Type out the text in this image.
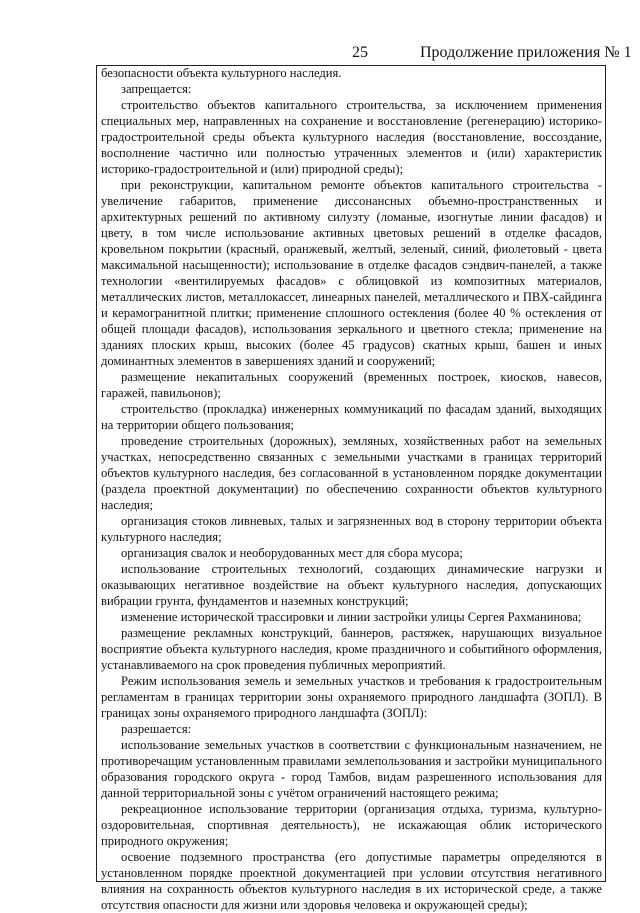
25	Продолжение приложения № 1

безопасности объекта культурного наследия.

запрещается:

строительство объектов капитального строительства, за исключением применения специальных мер, направленных на сохранение и восстановление (регенерацию) историко-градостроительной среды объекта культурного наследия (восстановление, воссоздание, восполнение частично или полностью утраченных элементов и (или) характеристик историко-градостроительной и (или) природной среды);

при реконструкции, капитальном ремонте объектов капитального строительства - увеличение габаритов, применение диссонансных объемно-пространственных и архитектурных решений по активному силуэту (ломаные, изогнутые линии фасадов) и цвету, в том числе использование активных цветовых решений в отделке фасадов, кровельном покрытии (красный, оранжевый, желтый, зеленый, синий, фиолетовый - цвета максимальной насыщенности); использование в отделке фасадов сэндвич-панелей, а также технологии «вентилируемых фасадов» с облицовкой из композитных материалов, металлических листов, металлокассет, линеарных панелей, металлического и ПВХ-сайдинга и керамогранитной плитки; применение сплошного остекления (более 40 % остекления от общей площади фасадов), использования зеркального и цветного стекла; применение на зданиях плоских крыш, высоких (более 45 градусов) скатных крыш, башен и иных доминантных элементов в завершениях зданий и сооружений;

размещение некапитальных сооружений (временных построек, киосков, навесов, гаражей, павильонов);

строительство (прокладка) инженерных коммуникаций по фасадам зданий, выходящих на территории общего пользования;

проведение строительных (дорожных), земляных, хозяйственных работ на земельных участках, непосредственно связанных с земельными участками в границах территорий объектов культурного наследия, без согласованной в установленном порядке документации (раздела проектной документации) по обеспечению сохранности объектов культурного наследия;

организация стоков ливневых, талых и загрязненных вод в сторону территории объекта культурного наследия;

организация свалок и необорудованных мест для сбора мусора;

использование строительных технологий, создающих динамические нагрузки и оказывающих негативное воздействие на объект культурного наследия, допускающих вибрации грунта, фундаментов и наземных конструкций;

изменение исторической трассировки и линии застройки улицы Сергея Рахманинова;

размещение рекламных конструкций, баннеров, растяжек, нарушающих визуальное восприятие объекта культурного наследия, кроме праздничного и событийного оформления, устанавливаемого на срок проведения публичных мероприятий.

Режим использования земель и земельных участков и требования к градостроительным регламентам в границах территории зоны охраняемого природного ландшафта (ЗОПЛ). В границах зоны охраняемого природного ландшафта (ЗОПЛ):

разрешается:

использование земельных участков в соответствии с функциональным назначением, не противоречащим установленным правилами землепользования и застройки муниципального образования городского округа - город Тамбов, видам разрешенного использования для данной территориальной зоны с учётом ограничений настоящего режима;

рекреационное использование территории (организация отдыха, туризма, культурно-оздоровительная, спортивная деятельность), не искажающая облик исторического природного окружения;

освоение подземного пространства (его допустимые параметры определяются в установленном порядке проектной документацией при условии отсутствия негативного влияния на сохранность объектов культурного наследия в их исторической среде, а также отсутствия опасности для жизни или здоровья человека и окружающей среды);
